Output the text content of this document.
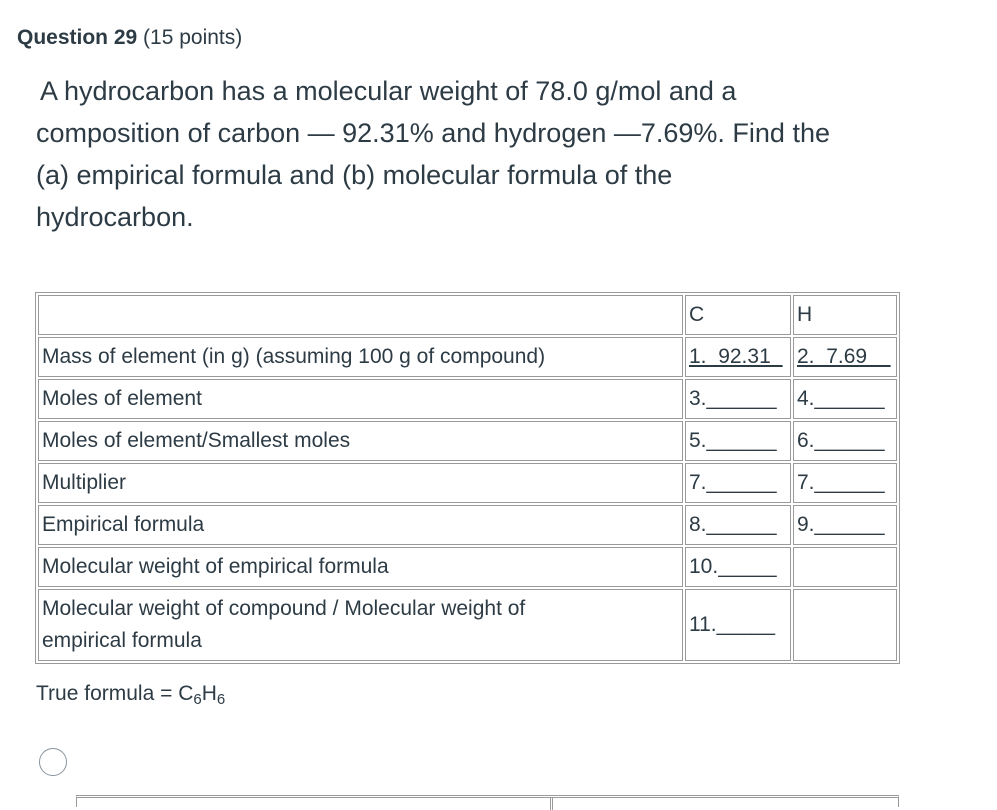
Question 29 (15 points)
A hydrocarbon has a molecular weight of 78.0 g/mol and a
composition of carbon — 92.31% and hydrogen —7.69%. Find the
(a) empirical formula and (b) molecular formula of the
hydrocarbon.
	C	H
Mass of element (in g) (assuming 100 g of compound)	1._92.31_	2._7.69__
Moles of element	3.______	4.______
Moles of element/Smallest moles	5.______	6.______
Multiplier	7.______	7.______
Empirical formula	8.______	9.______
Molecular weight of empirical formula	10._____	

Molecular weight of compound / Molecular weight of
empirical formula	11._____	
True formula = $C_6H_6$
